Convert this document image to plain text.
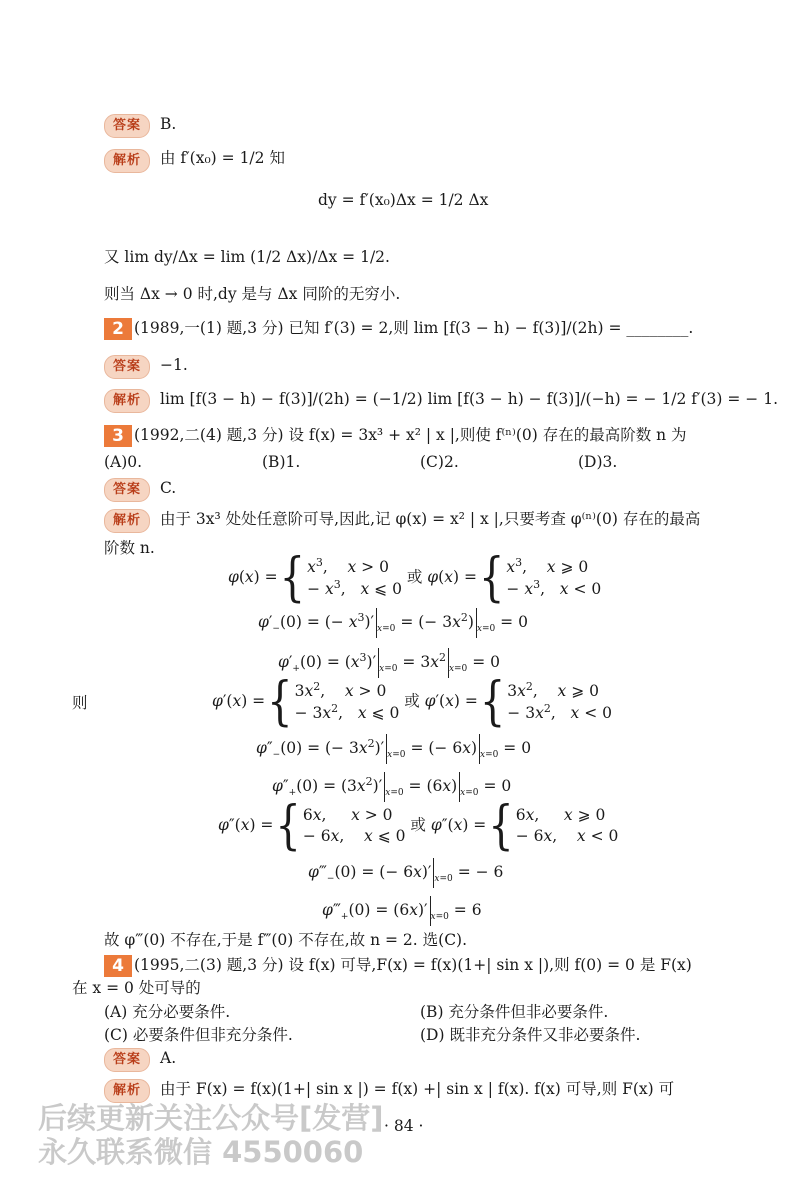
答案	B.
解析	由 f′(x₀) = 1/2 知
dy = f′(x₀)Δx = 1/2 Δx
又 lim dy/Δx = lim (1/2 Δx)/Δx = 1/2.
则当 Δx → 0 时,dy 是与 Δx 同阶的无穷小.
2 (1989,一(1) 题,3 分) 已知 f′(3) = 2,则 lim [f(3 − h) − f(3)]/(2h) = ________.
答案	−1.
解析	lim [f(3 − h) − f(3)]/(2h) = (−1/2) lim [f(3 − h) − f(3)]/(−h) = − 1/2 f′(3) = − 1.
3 (1992,二(4) 题,3 分) 设 f(x) = 3x³ + x² | x |,则使 f⁽ⁿ⁾(0) 存在的最高阶数 n 为
(A)0.	(B)1.	(C)2.	(D)3.
答案	C.
解析	由于 3x³ 处处任意阶可导,因此,记 φ(x) = x² | x |,只要考查 φ⁽ⁿ⁾(0) 存在的最高
阶数 n.
φ(x) ={ $x^3$,    x > 0
− $x^3$,   x ⩽ 0 或 φ(x) ={ $x^3$,    x ⩾ 0
− $x^3$,   x < 0
$\varphi'_-(0)$ = (− $x^3)'$ $_{x=0}$ = (− $3x^2$) $_{x=0}$ = 0
$\varphi'_+(0) = (x^3)'$ $_{x=0} = 3x^2_{x=0} = 0$
则	φ′(x) ={ $3x^2$,    x > 0
− $3x^2$,   x ⩽ 0 或 φ′(x) ={ $3x^2$,    x ⩾ 0
− $3x^2$,   x < 0
$\varphi''_-(0)$ = (− $3x^2)'$ $_{x=0}$ = (− 6x) $_{x=0}$ = 0
$\varphi''_+(0) = (3x^2)'$ $_{x=0}$ = (6x) $_{x=0}$ = 0
φ″(x) ={ 6x,     x > 0
− 6x,    x ⩽ 0 或 φ″(x) ={ 6x,     x ⩾ 0
− 6x,    x < 0
$\varphi‴_-(0)$ = (− 6x)′ $_{x=0}$ = − 6
$\varphi‴_+(0) = (6x)'$ $_{x=0}$ = 6
故 φ‴(0) 不存在,于是 f‴(0) 不存在,故 n = 2. 选(C).
4 (1995,二(3) 题,3 分) 设 f(x) 可导,F(x) = f(x)(1+| sin x |),则 f(0) = 0 是 F(x)
在 x = 0 处可导的
(A) 充分必要条件.	(B) 充分条件但非必要条件.
(C) 必要条件但非充分条件.	(D) 既非充分条件又非必要条件.
答案	A.
解析	由于 F(x) = f(x)(1+| sin x |) = f(x) +| sin x | f(x). f(x) 可导,则 F(x) 可
· 84 ·
后续更新关注公众号[发营]
永久联系微信 4550060
